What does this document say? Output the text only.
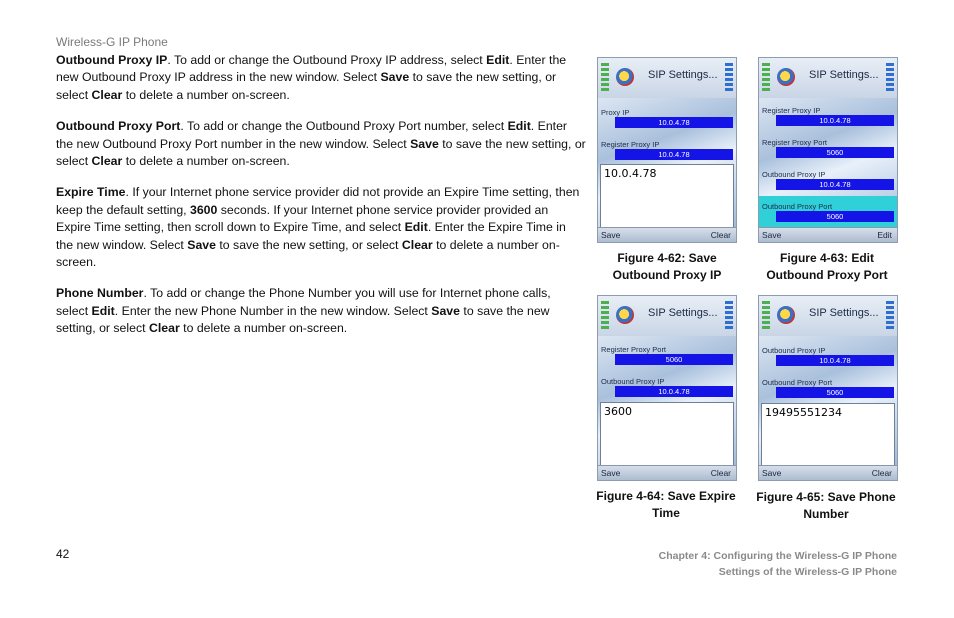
Wireless-G IP Phone

Outbound Proxy IP. To add or change the Outbound Proxy IP address, select Edit. Enter the new Outbound Proxy IP address in the new window. Select Save to save the new setting, or select Clear to delete a number on-screen.

Outbound Proxy Port. To add or change the Outbound Proxy Port number, select Edit. Enter the new Outbound Proxy Port number in the new window. Select Save to save the new setting, or select Clear to delete a number on-screen.

Expire Time. If your Internet phone service provider did not provide an Expire Time setting, then keep the default setting, 3600 seconds. If your Internet phone service provider provided an Expire Time setting, then scroll down to Expire Time, and select Edit. Enter the Expire Time in the new window. Select Save to save the new setting, or select Clear to delete a number on-screen.

Phone Number. To add or change the Phone Number you will use for Internet phone calls, select Edit. Enter the new Phone Number in the new window. Select Save to save the new setting, or select Clear to delete a number on-screen.

SIP Settings...
Proxy IP
10.0.4.78
Register Proxy IP
10.0.4.78
10.0.4.78
Save	Clear
Figure 4-62: Save
Outbound Proxy IP
SIP Settings...
Register Proxy IP
10.0.4.78
Register Proxy Port
5060
Outbound Proxy IP
10.0.4.78
Outbound Proxy Port
5060
Save	Edit
Figure 4-63: Edit
Outbound Proxy Port
SIP Settings...
Register Proxy Port
5060
Outbound Proxy IP
10.0.4.78
3600
Save	Clear
Figure 4-64: Save Expire
Time
SIP Settings...
Outbound Proxy IP
10.0.4.78
Outbound Proxy Port
5060
19495551234
Save	Clear
Figure 4-65: Save Phone
Number
42	Chapter 4: Configuring the Wireless-G IP Phone
Settings of the Wireless-G IP Phone
